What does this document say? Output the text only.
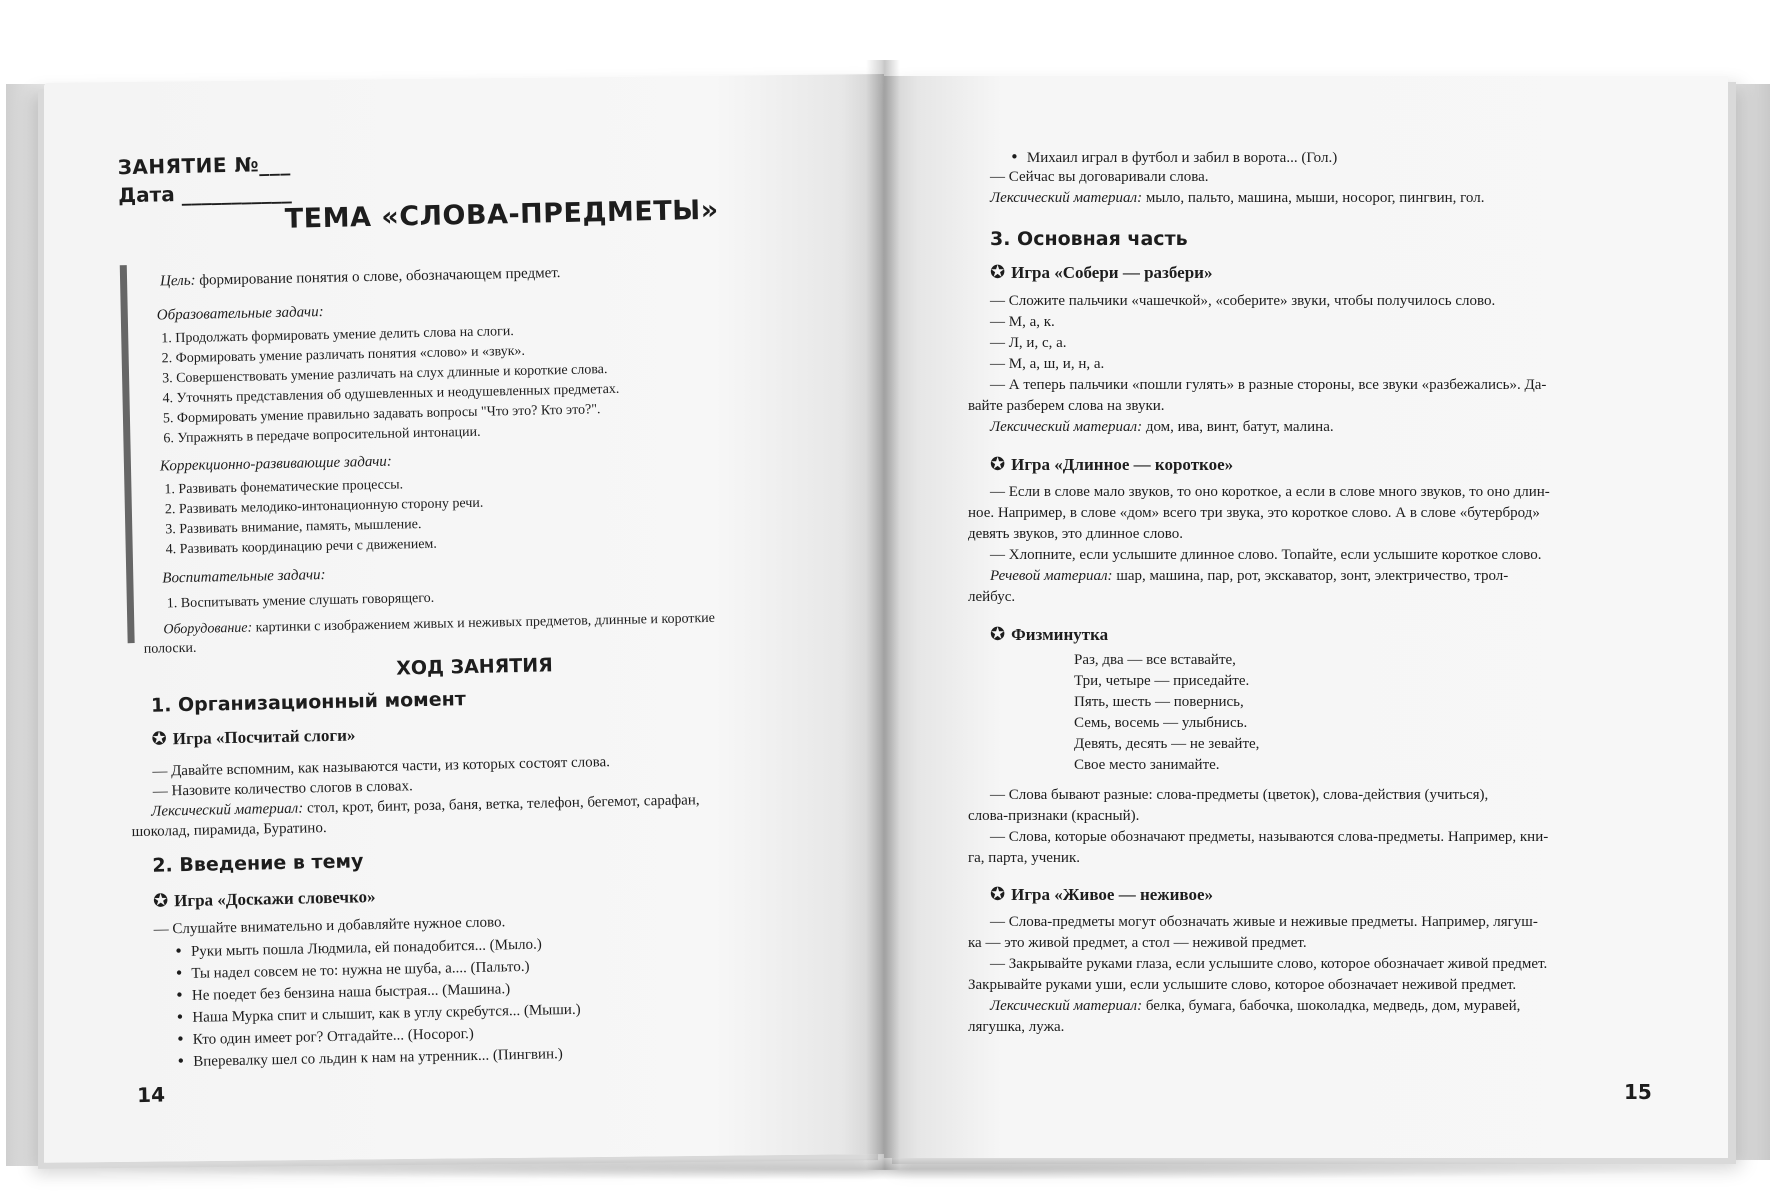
ЗАНЯТИЕ №___
Дата ___________
ТЕМА «СЛОВА-ПРЕДМЕТЫ»
Цель: формирование понятия о слове, обозначающем предмет.
Образовательные задачи:
1. Продолжать формировать умение делить слова на слоги.
2. Формировать умение различать понятия «слово» и «звук».
3. Совершенствовать умение различать на слух длинные и короткие слова.
4. Уточнять представления об одушевленных и неодушевленных предметах.
5. Формировать умение правильно задавать вопросы "Что это? Кто это?".
6. Упражнять в передаче вопросительной интонации.
Коррекционно-развивающие задачи:
1. Развивать фонематические процессы.
2. Развивать мелодико-интонационную сторону речи.
3. Развивать внимание, память, мышление.
4. Развивать координацию речи с движением.
Воспитательные задачи:
1. Воспитывать умение слушать говорящего.
Оборудование: картинки с изображением живых и неживых предметов, длинные и короткие
полоски.
ХОД ЗАНЯТИЯ
1. Организационный момент
✪ Игра «Посчитай слоги»
— Давайте вспомним, как называются части, из которых состоят слова.
— Назовите количество слогов в словах.
Лексический материал: стол, крот, бинт, роза, баня, ветка, телефон, бегемот, сарафан,
шоколад, пирамида, Буратино.
2. Введение в тему
✪ Игра «Доскажи словечко»
— Слушайте внимательно и добавляйте нужное слово.
• Руки мыть пошла Людмила, ей понадобится... (Мыло.)
• Ты надел совсем не то: нужна не шуба, а.... (Пальто.)
• Не поедет без бензина наша быстрая... (Машина.)
• Наша Мурка спит и слышит, как в углу скребутся... (Мыши.)
• Кто один имеет рог? Отгадайте... (Носорог.)
• Вперевалку шел со льдин к нам на утренник... (Пингвин.)
14
• Михаил играл в футбол и забил в ворота... (Гол.)
— Сейчас вы договаривали слова.
Лексический материал: мыло, пальто, машина, мыши, носорог, пингвин, гол.
3. Основная часть
✪ Игра «Собери — разбери»
— Сложите пальчики «чашечкой», «соберите» звуки, чтобы получилось слово.
— М, а, к.
— Л, и, с, а.
— М, а, ш, и, н, а.
— А теперь пальчики «пошли гулять» в разные стороны, все звуки «разбежались». Да-
вайте разберем слова на звуки.
Лексический материал: дом, ива, винт, батут, малина.
✪ Игра «Длинное — короткое»
— Если в слове мало звуков, то оно короткое, а если в слове много звуков, то оно длин-
ное. Например, в слове «дом» всего три звука, это короткое слово. А в слове «бутерброд»
девять звуков, это длинное слово.
— Хлопните, если услышите длинное слово. Топайте, если услышите короткое слово.
Речевой материал: шар, машина, пар, рот, экскаватор, зонт, электричество, трол-
лейбус.
✪ Физминутка
Раз, два — все вставайте,
Три, четыре — приседайте.
Пять, шесть — повернись,
Семь, восемь — улыбнись.
Девять, десять — не зевайте,
Свое место занимайте.
— Слова бывают разные: слова-предметы (цветок), слова-действия (учиться),
слова-признаки (красный).
— Слова, которые обозначают предметы, называются слова-предметы. Например, кни-
га, парта, ученик.
✪ Игра «Живое — неживое»
— Слова-предметы могут обозначать живые и неживые предметы. Например, лягуш-
ка — это живой предмет, а стол — неживой предмет.
— Закрывайте руками глаза, если услышите слово, которое обозначает живой предмет.
Закрывайте руками уши, если услышите слово, которое обозначает неживой предмет.
Лексический материал: белка, бумага, бабочка, шоколадка, медведь, дом, муравей,
лягушка, лужа.
15
